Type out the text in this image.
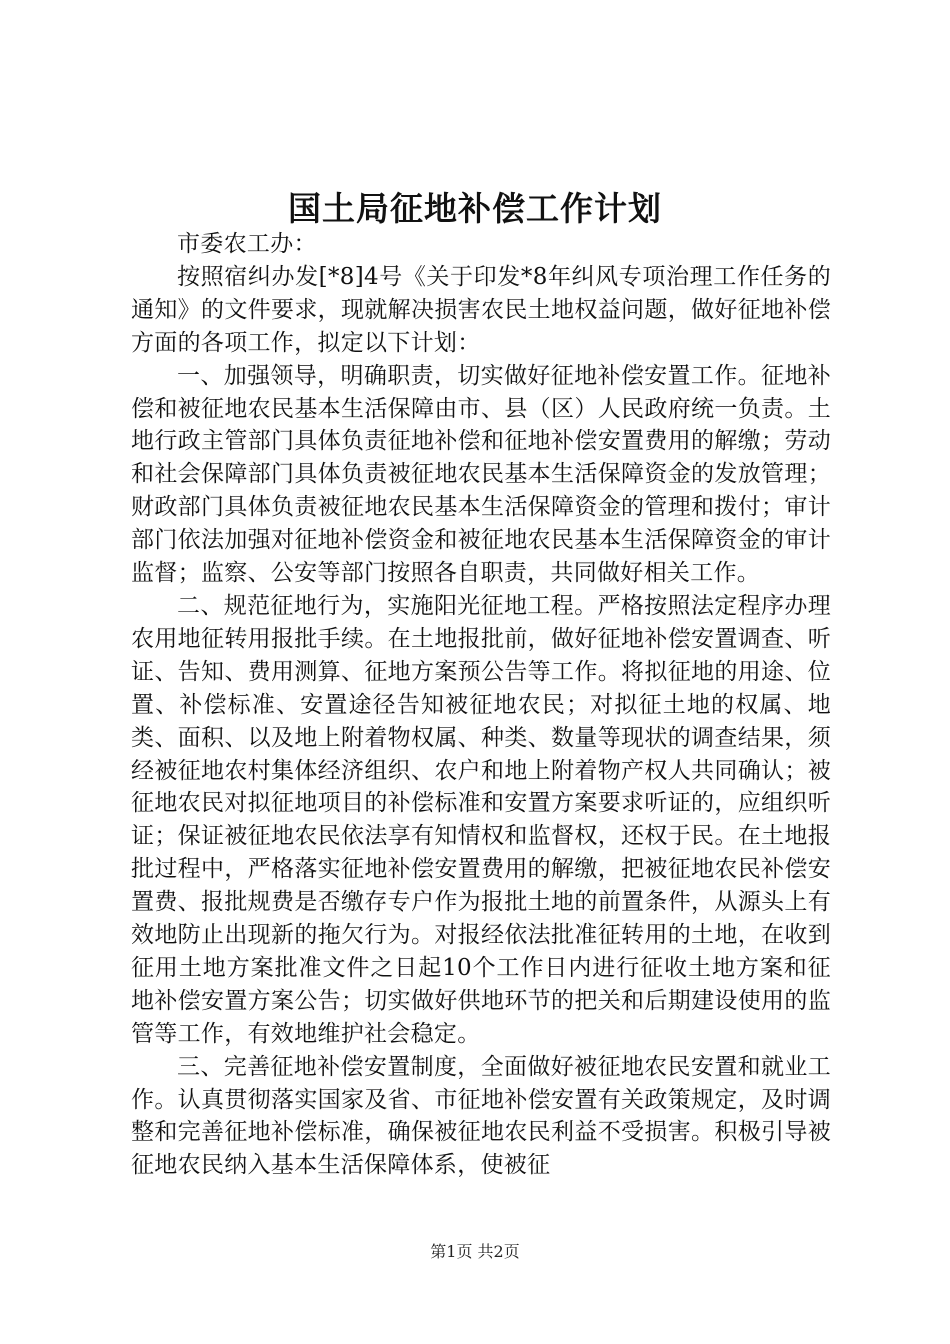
国土局征地补偿工作计划

市委农工办：

按照宿纠办发[*8]4号《关于印发*8年纠风专项治理工作任务的通知》的文件要求，现就解决损害农民土地权益问题，做好征地补偿方面的各项工作，拟定以下计划：

一、加强领导，明确职责，切实做好征地补偿安置工作。征地补偿和被征地农民基本生活保障由市、县（区）人民政府统一负责。土地行政主管部门具体负责征地补偿和征地补偿安置费用的解缴；劳动和社会保障部门具体负责被征地农民基本生活保障资金的发放管理；财政部门具体负责被征地农民基本生活保障资金的管理和拨付；审计部门依法加强对征地补偿资金和被征地农民基本生活保障资金的审计监督；监察、公安等部门按照各自职责，共同做好相关工作。

二、规范征地行为，实施阳光征地工程。严格按照法定程序办理农用地征转用报批手续。在土地报批前，做好征地补偿安置调查、听证、告知、费用测算、征地方案预公告等工作。将拟征地的用途、位置、补偿标准、安置途径告知被征地农民；对拟征土地的权属、地类、面积、以及地上附着物权属、种类、数量等现状的调查结果，须经被征地农村集体经济组织、农户和地上附着物产权人共同确认；被征地农民对拟征地项目的补偿标准和安置方案要求听证的，应组织听证；保证被征地农民依法享有知情权和监督权，还权于民。在土地报批过程中，严格落实征地补偿安置费用的解缴，把被征地农民补偿安置费、报批规费是否缴存专户作为报批土地的前置条件，从源头上有效地防止出现新的拖欠行为。对报经依法批准征转用的土地，在收到征用土地方案批准文件之日起10个工作日内进行征收土地方案和征地补偿安置方案公告；切实做好供地环节的把关和后期建设使用的监管等工作，有效地维护社会稳定。

三、完善征地补偿安置制度，全面做好被征地农民安置和就业工作。认真贯彻落实国家及省、市征地补偿安置有关政策规定，及时调整和完善征地补偿标准，确保被征地农民利益不受损害。积极引导被征地农民纳入基本生活保障体系，使被征

第1页 共2页
